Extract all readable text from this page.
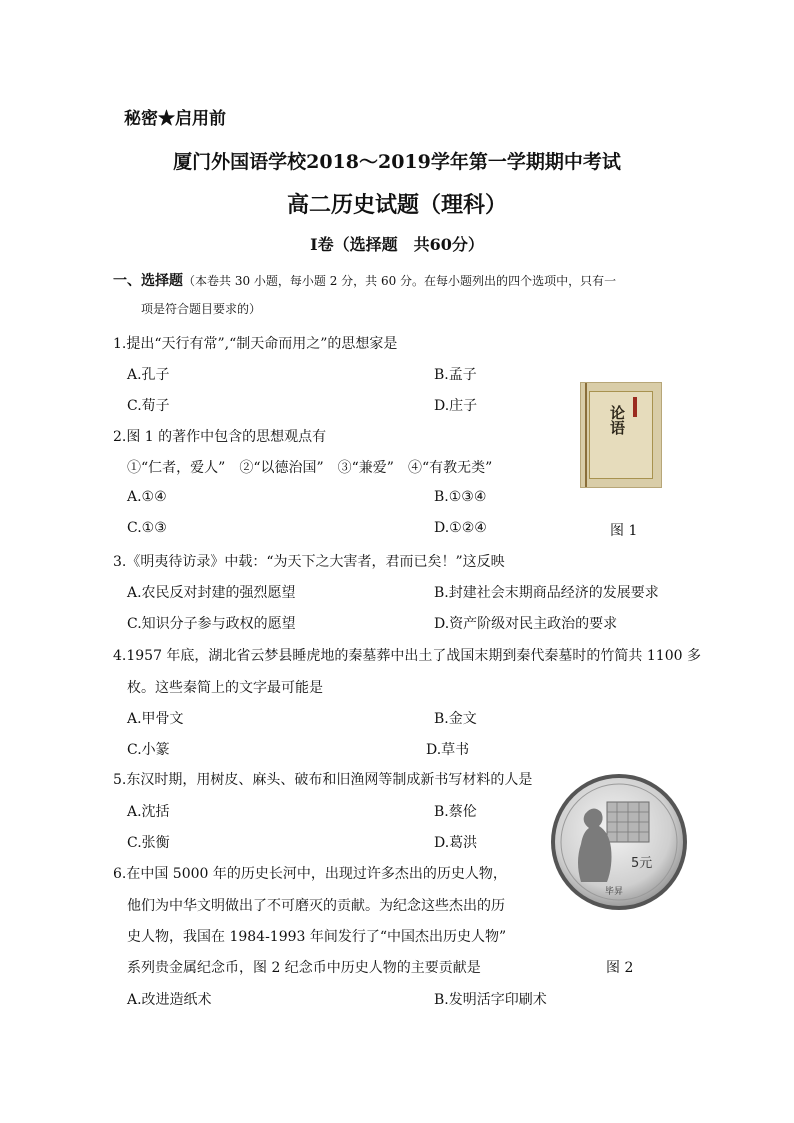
秘密★启用前
厦门外国语学校2018～2019学年第一学期期中考试
高二历史试题（理科）
Ⅰ卷（选择题　共60分）
一、选择题（本卷共 30 小题，每小题 2 分，共 60 分。在每小题列出的四个选项中，只有一
项是符合题目要求的）
1.提出“天行有常”,“制天命而用之”的思想家是
A.孔子	B.孟子
C.荀子	D.庄子	论语
2.图 1 的著作中包含的思想观点有
①“仁者，爱人”　②“以德治国”　③“兼爱”　④“有教无类”
A.①④	B.①③④
C.①③	D.①②④	图 1
3.《明夷待访录》中载：“为天下之大害者，君而已矣！”这反映
A.农民反对封建的强烈愿望	B.封建社会末期商品经济的发展要求
C.知识分子参与政权的愿望	D.资产阶级对民主政治的要求
4.1957 年底，湖北省云梦县睡虎地的秦墓葬中出土了战国末期到秦代秦墓时的竹简共 1100 多
枚。这些秦简上的文字最可能是
A.甲骨文	B.金文
C.小篆	D.草书
5.东汉时期，用树皮、麻头、破布和旧渔网等制成新书写材料的人是
A.沈括	B.蔡伦
C.张衡	D.葛洪
5元
毕昇
6.在中国 5000 年的历史长河中，出现过许多杰出的历史人物，
他们为中华文明做出了不可磨灭的贡献。为纪念这些杰出的历
史人物，我国在 1984-1993 年间发行了“中国杰出历史人物”
系列贵金属纪念币，图 2 纪念币中历史人物的主要贡献是	图 2
A.改进造纸术	B.发明活字印刷术
